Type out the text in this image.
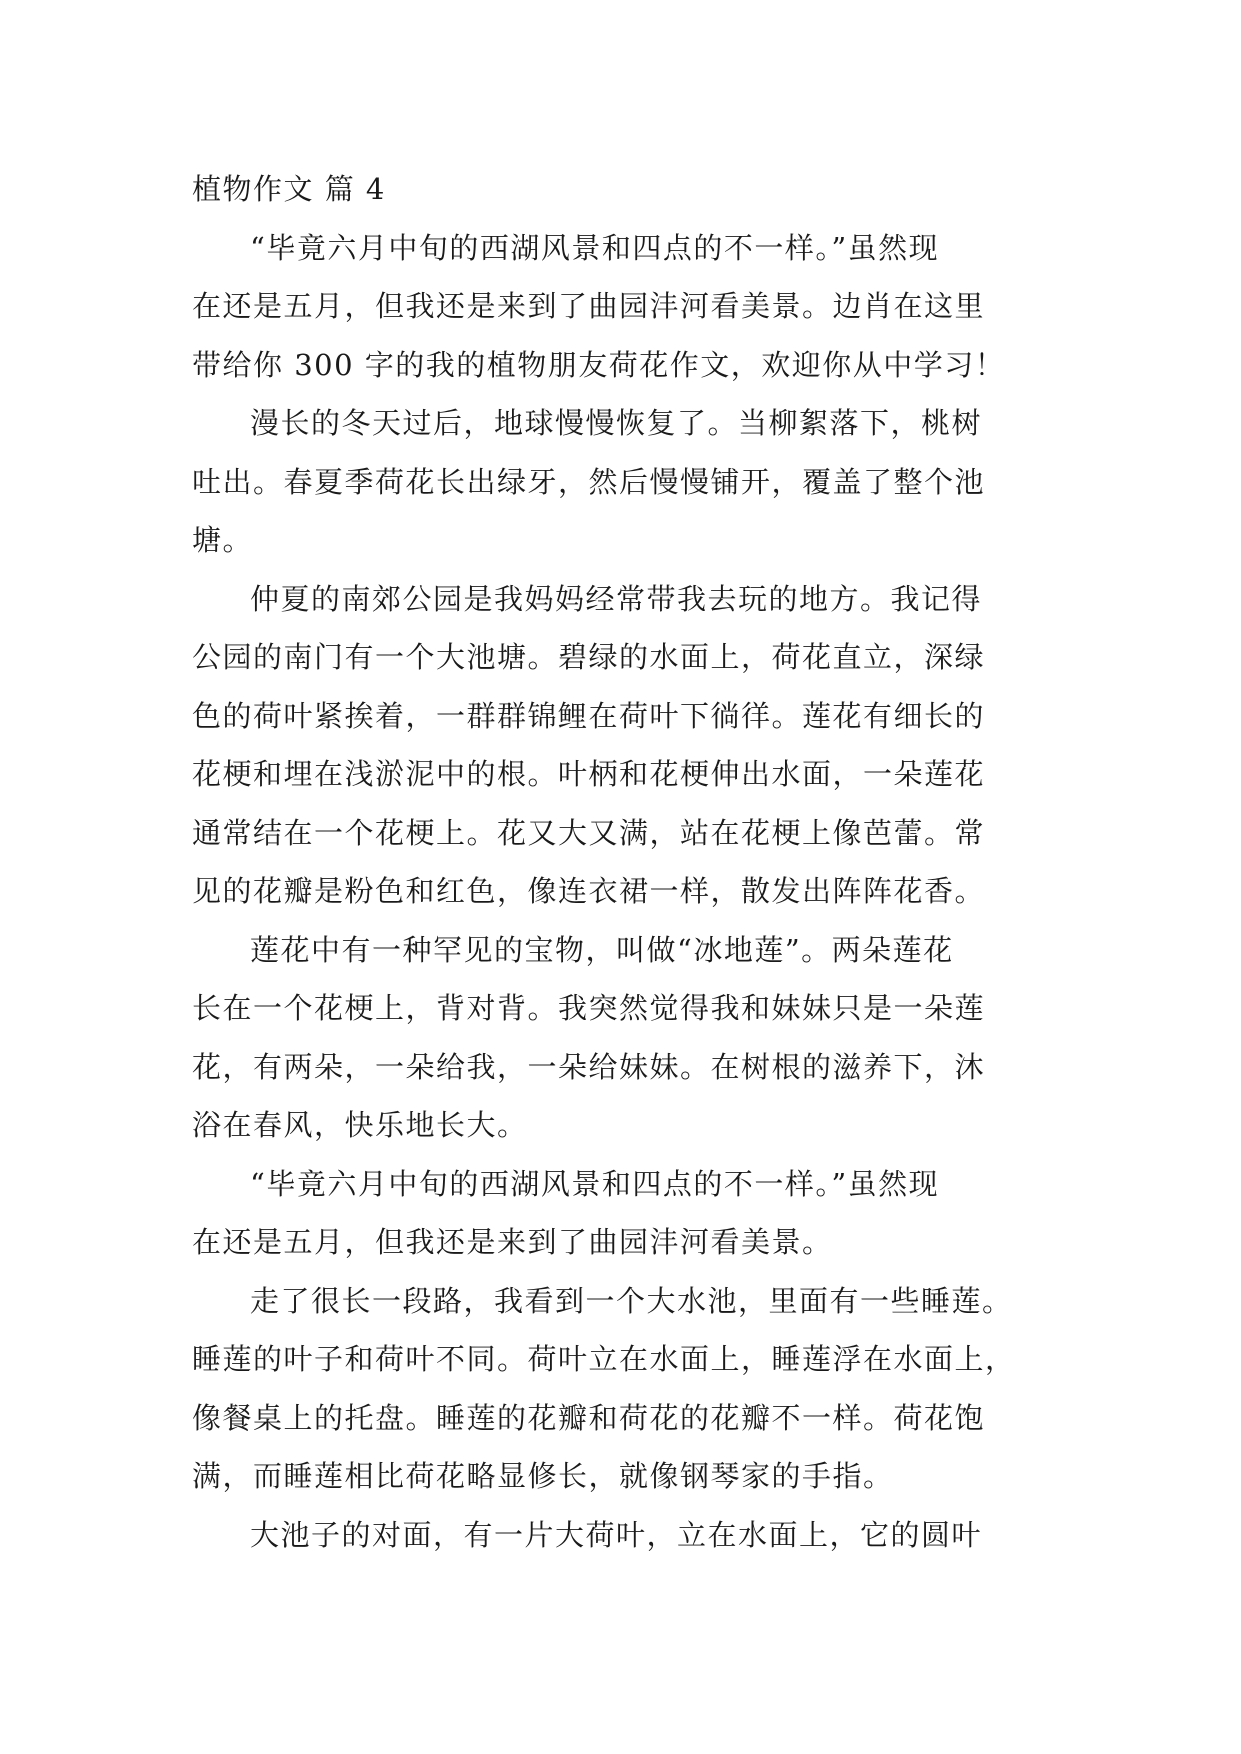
植物作文 篇 4

“毕竟六月中旬的西湖风景和四点的不一样。”虽然现
在还是五月，但我还是来到了曲园沣河看美景。边肖在这里
带给你 300 字的我的植物朋友荷花作文，欢迎你从中学习！

漫长的冬天过后，地球慢慢恢复了。当柳絮落下，桃树
吐出。春夏季荷花长出绿牙，然后慢慢铺开，覆盖了整个池
塘。

仲夏的南郊公园是我妈妈经常带我去玩的地方。我记得
公园的南门有一个大池塘。碧绿的水面上，荷花直立，深绿
色的荷叶紧挨着，一群群锦鲤在荷叶下徜徉。莲花有细长的
花梗和埋在浅淤泥中的根。叶柄和花梗伸出水面，一朵莲花
通常结在一个花梗上。花又大又满，站在花梗上像芭蕾。常
见的花瓣是粉色和红色，像连衣裙一样，散发出阵阵花香。

莲花中有一种罕见的宝物，叫做“冰地莲”。两朵莲花
长在一个花梗上，背对背。我突然觉得我和妹妹只是一朵莲
花，有两朵，一朵给我，一朵给妹妹。在树根的滋养下，沐
浴在春风，快乐地长大。

“毕竟六月中旬的西湖风景和四点的不一样。”虽然现
在还是五月，但我还是来到了曲园沣河看美景。

走了很长一段路，我看到一个大水池，里面有一些睡莲。
睡莲的叶子和荷叶不同。荷叶立在水面上，睡莲浮在水面上，
像餐桌上的托盘。睡莲的花瓣和荷花的花瓣不一样。荷花饱
满，而睡莲相比荷花略显修长，就像钢琴家的手指。

大池子的对面，有一片大荷叶，立在水面上，它的圆叶
